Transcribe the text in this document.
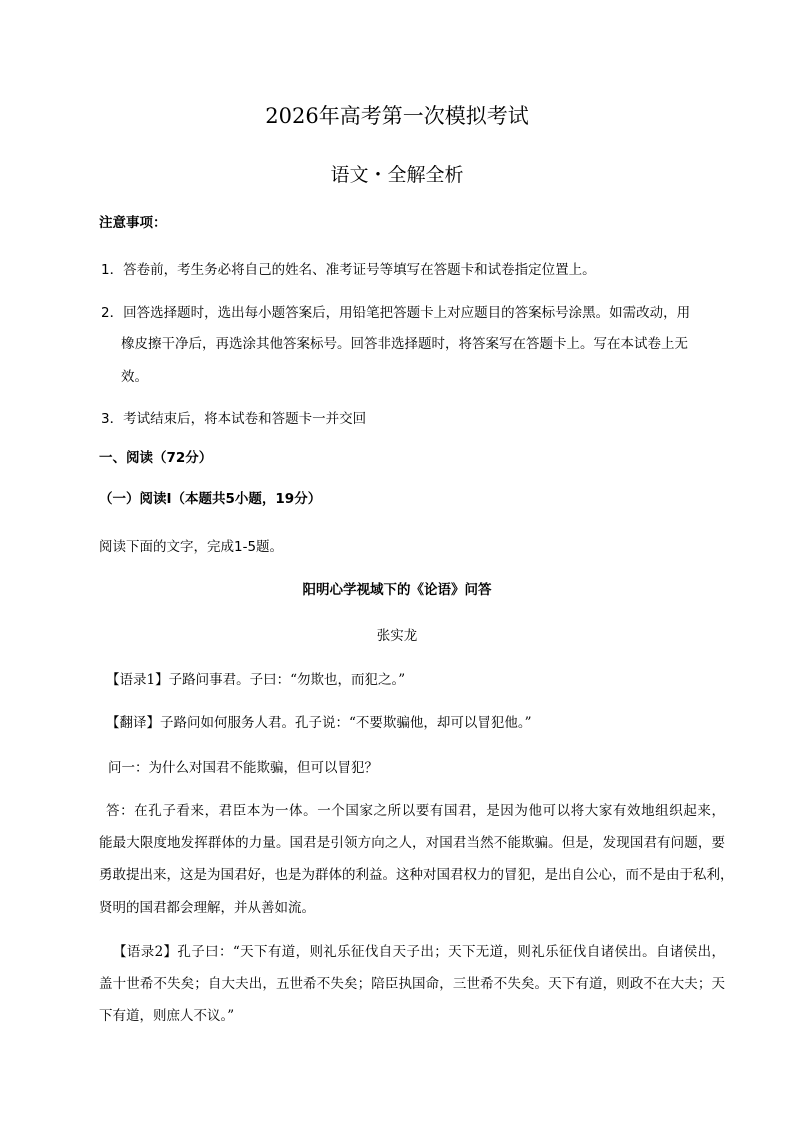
2026年高考第一次模拟考试
语文・全解全析
注意事项：
1．答卷前，考生务必将自己的姓名、准考证号等填写在答题卡和试卷指定位置上。
2．回答选择题时，选出每小题答案后，用铅笔把答题卡上对应题目的答案标号涂黑。如需改动，用
橡皮擦干净后，再选涂其他答案标号。回答非选择题时，将答案写在答题卡上。写在本试卷上无
效。
3．考试结束后，将本试卷和答题卡一并交回
一、阅读（72分）
（一）阅读Ⅰ（本题共5小题，19分）
阅读下面的文字，完成1-5题。
阳明心学视域下的《论语》问答
张实龙
【语录1】子路问事君。子曰：“勿欺也，而犯之。”
【翻译】子路问如何服务人君。孔子说：“不要欺骗他，却可以冒犯他。”
问一：为什么对国君不能欺骗，但可以冒犯？
答：在孔子看来，君臣本为一体。一个国家之所以要有国君，是因为他可以将大家有效地组织起来，
能最大限度地发挥群体的力量。国君是引领方向之人，对国君当然不能欺骗。但是，发现国君有问题，要
勇敢提出来，这是为国君好，也是为群体的利益。这种对国君权力的冒犯，是出自公心，而不是由于私利，
贤明的国君都会理解，并从善如流。
【语录2】孔子曰：“天下有道，则礼乐征伐自天子出；天下无道，则礼乐征伐自诸侯出。自诸侯出，
盖十世希不失矣；自大夫出，五世希不失矣；陪臣执国命，三世希不失矣。天下有道，则政不在大夫；天
下有道，则庶人不议。”
